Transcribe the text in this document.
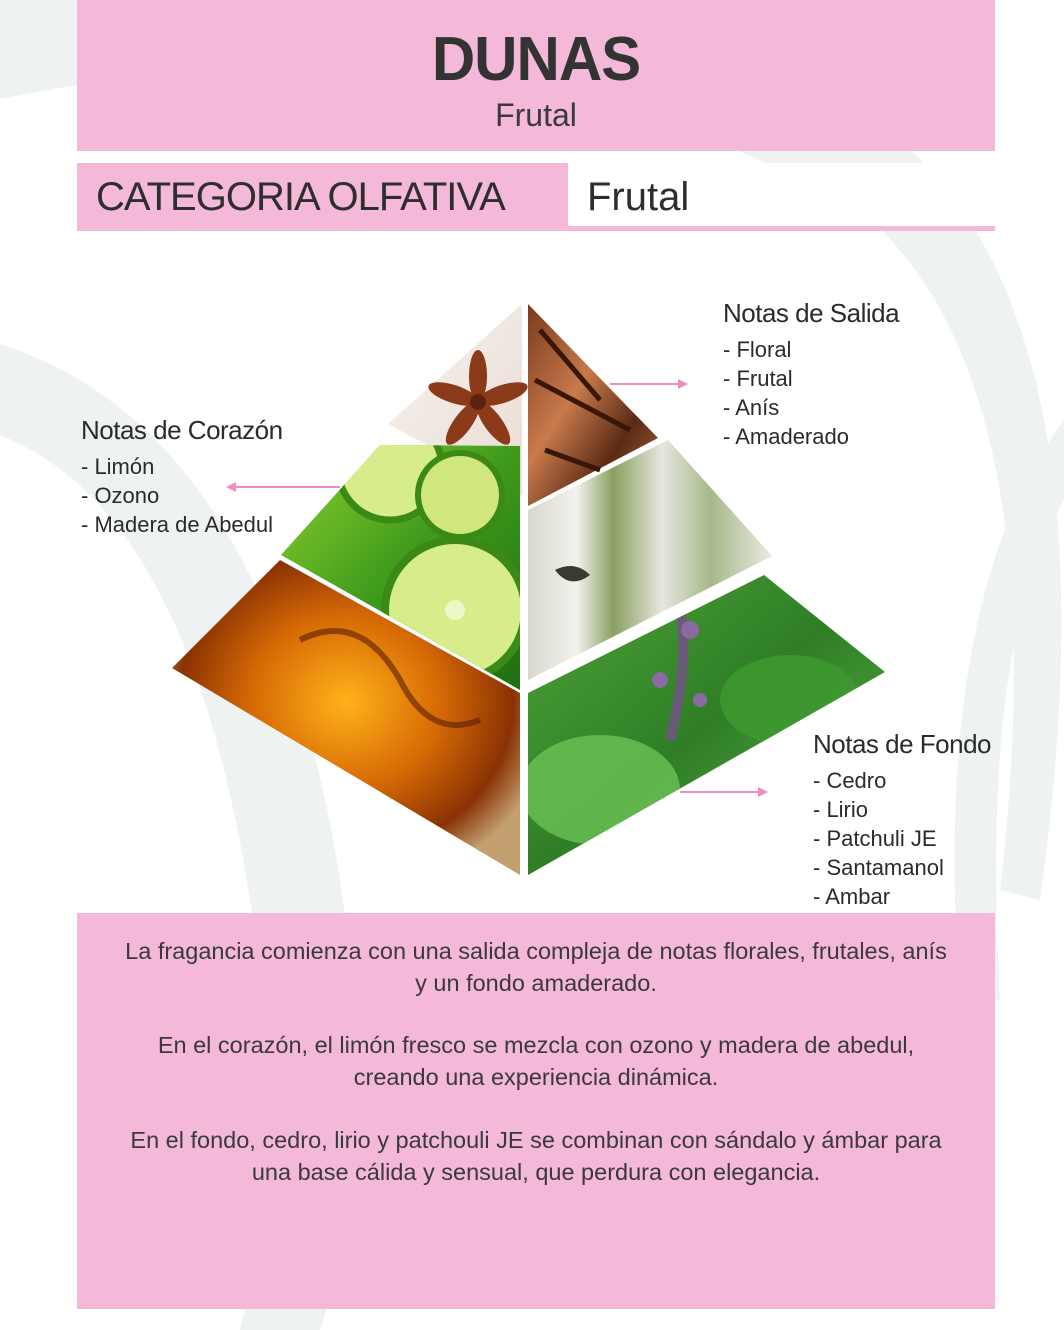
DUNAS
Frutal
CATEGORIA OLFATIVA Frutal
Notas de Salida
- Floral
- Frutal
- Anís
- Amaderado
Notas de Corazón
- Limón
- Ozono
- Madera de Abedul
Notas de Fondo
- Cedro
- Lirio
- Patchuli JE
- Santamanol
- Ambar

La fragancia comienza con una salida compleja de notas florales, frutales, anís y un fondo amaderado.

En el corazón, el limón fresco se mezcla con ozono y madera de abedul, creando una experiencia dinámica.

En el fondo, cedro, lirio y patchouli JE se combinan con sándalo y ámbar para una base cálida y sensual, que perdura con elegancia.
